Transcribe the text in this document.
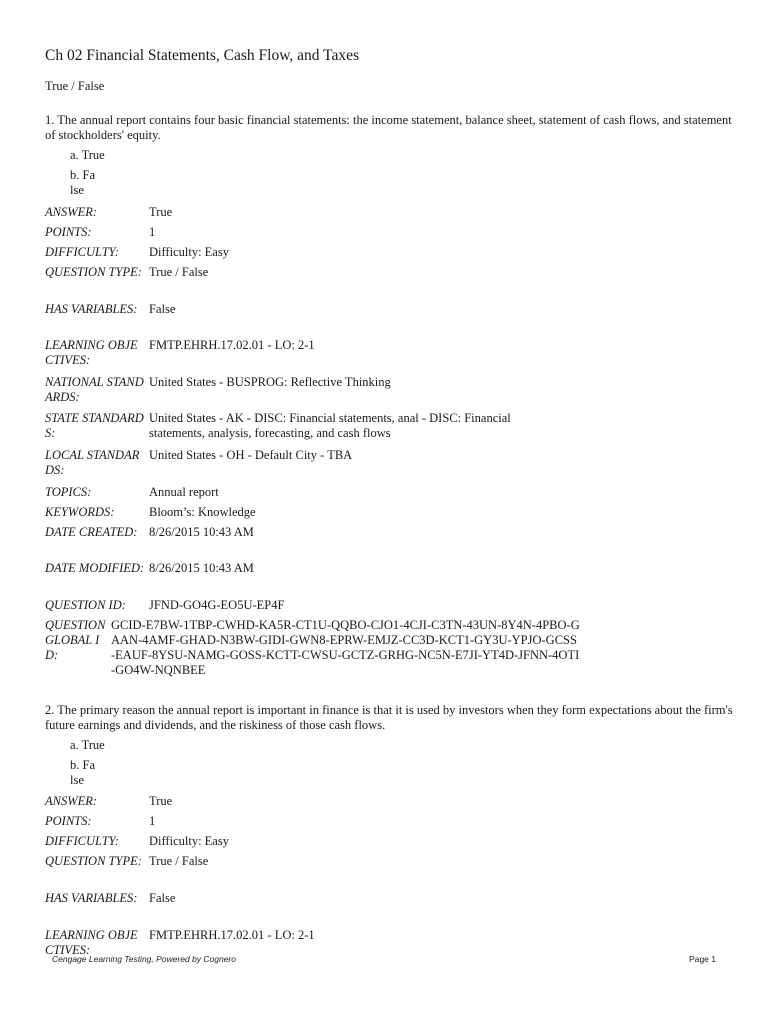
Ch 02 Financial Statements, Cash Flow, and Taxes
True / False
1. The annual report contains four basic financial statements: the income statement, balance sheet, statement of cash flows, and statement of stockholders' equity.
a. True
b. False
ANSWER:	True
POINTS:	1
DIFFICULTY:	Difficulty: Easy
QUESTION TYPE: True / False
HAS VARIABLES: False
LEARNING OBJECTIVES:
FMTP.EHRH.17.02.01 - LO: 2-1
NATIONAL STANDARDS:
United States - BUSPROG: Reflective Thinking
STATE STANDARDS:
United States - AK - DISC: Financial statements, anal - DISC: Financial statements, analysis, forecasting, and cash flows
LOCAL STANDARDS:
United States - OH - Default City - TBA
TOPICS:	Annual report
KEYWORDS:	Bloom’s: Knowledge
DATE CREATED: 8/26/2015 10:43 AM
DATE MODIFIED: 8/26/2015 10:43 AM
QUESTION ID:	JFND-GO4G-EO5U-EP4F
QUESTION GLOBAL ID:
GCID-E7BW-1TBP-CWHD-KA5R-CT1U-QQBO-CJO1-4CJI-C3TN-43UN-8Y4N-4PBO-GAAN-4AMF-GHAD-N3BW-GIDI-GWN8-EPRW-EMJZ-CC3D-KCT1-GY3U-YPJO-GCSS-EAUF-8YSU-NAMG-GOSS-KCTT-CWSU-GCTZ-GRHG-NC5N-E7JI-YT4D-JFNN-4OTI-GO4W-NQNBEE
2. The primary reason the annual report is important in finance is that it is used by investors when they form expectations about the firm's future earnings and dividends, and the riskiness of those cash flows.
a. True
b. False
ANSWER:	True
POINTS:	1
DIFFICULTY:	Difficulty: Easy
QUESTION TYPE: True / False
HAS VARIABLES: False
LEARNING OBJECTIVES:
FMTP.EHRH.17.02.01 - LO: 2-1
Cengage Learning Testing, Powered by Cognero	Page 1
